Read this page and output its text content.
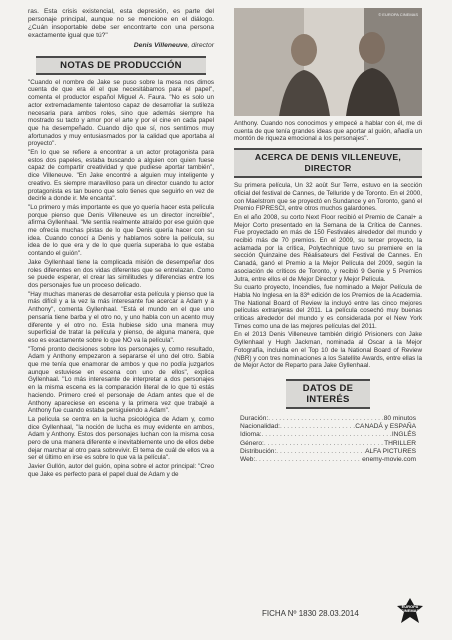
ras. Esta crisis existencial, esta depresión, es parte del personaje principal, aunque no se mencione en el diálogo. ¿Cuán insoportable debe ser encontrarte con una persona exactamente igual que tú?"

Denis Villeneuve, director
NOTAS DE PRODUCCIÓN

"Cuando el nombre de Jake se puso sobre la mesa nos dimos cuenta de que era él el que necesitábamos para el papel", comenta el productor español Miguel A. Faura. "No es solo un actor extremadamente talentoso capaz de desarrollar la sutileza necesaria para ambos roles, sino que además siempre ha mostrado su tacto y amor por el arte y por el cine en cada papel que ha desempeñado. Cuando dijo que sí, nos sentimos muy afortunados y muy entusiasmados por la calidad que aportaba al proyecto".

"En lo que se refiere a encontrar a un actor protagonista para estos dos papeles, estaba buscando a alguien con quien fuese capaz de compartir creatividad y que pudiese aportar también", dice Villeneuve. "En Jake encontré a alguien muy inteligente y creativo. Es siempre maravilloso para un director cuando tu actor protagonista es tan bueno que solo tienes que seguirlo en vez de decirle a donde ir. Me encanta".

"Lo primero y más importante es que yo quería hacer esta película porque pienso que Denis Villeneuve es un director increíble", afirma Gyllenhaal. "Me sentía realmente atraído por ese guión que me ofrecía muchas pistas de lo que Denis quería hacer con su idea. Cuando conocí a Denis y hablamos sobre la película, su idea de lo que era y de lo que quería superaba lo que estaba contando el guión".

Jake Gyllenhaal tiene la complicada misión de desempeñar dos roles diferentes en dos vidas diferentes que se entrelazan. Como se puede esperar, el crear las similitudes y diferencias entre los dos personajes fue un proceso delicado.

"Hay muchas maneras de desarrollar esta película y pienso que la más difícil y a la vez la más interesante fue acercar a Adam y a Anthony", comenta Gyllenhaal. "Está el mundo en el que uno pensaría tiene barba y el otro no, y uno habla con un acento muy diferente y el otro no. Esta hubiese sido una manera muy superficial de tratar la película y pienso, de alguna manera, que eso es exactamente sobre lo que NO va la película".

"Tomé pronto decisiones sobre los personajes y, como resultado, Adam y Anthony empezaron a separarse el uno del otro. Sabía que me tenía que enamorar de ambos y que no podía juzgarlos aunque estuviese en escena con uno de ellos", explica Gyllenhaal. "Lo más interesante de interpretar a dos personajes en la misma escena es la comparación literal de lo que tú estás haciendo. Primero creé el personaje de Adam antes que el de Anthony apareciese en escena y la primera vez que trabajé a Anthony fue cuando estaba persiguiendo a Adam".

La película se centra en la lucha psicológica de Adam y, como dice Gyllenhaal, "la noción de lucha es muy evidente en ambos, Adam y Anthony. Estos dos personajes luchan con la misma cosa pero de una manera diferente e inevitablemente uno de ellos debe dejar marchar al otro para sobrevivir. El tema de cuál de ellos va a ser el último en irse es sobre lo que va la película".

Javier Gullón, autor del guión, opina sobre el actor principal: "Creo que Jake es perfecto para el papel dual de Adam y de

© EUROPA CINEMAS

Anthony. Cuando nos conocimos y empecé a hablar con él, me di cuenta de que tenía grandes ideas que aportar al guión, añadía un montón de riqueza emocional a los personajes".

ACERCA DE DENIS VILLENEUVE, DIRECTOR

Su primera película, Un 32 août Sur Terre, estuvo en la sección oficial del festival de Cannes, de Telluride y de Toronto. En el 2000, con Maelstrom que se proyectó en Sundance y en Toronto, ganó el Premio FIPRESCI, entre otros muchos galardones.

En el año 2008, su corto Next Floor recibió el Premio de Canal+ a Mejor Corto presentado en la Semana de la Crítica de Cannes. Fue proyectado en más de 150 Festivales alrededor del mundo y recibió más de 70 premios. En el 2009, su tercer proyecto, la aclamada por la crítica, Polytechnique tuvo su premiere en la sección Quinzaine des Réalisateurs del Festival de Cannes. En Canadá, ganó el Premio a la Mejor Película del 2009, según la asociación de críticos de Toronto, y recibió 9 Genie y 5 Premios Jutra, entre ellos el de Mejor Director y Mejor Película.

Su cuarto proyecto, Incendies, fue nominado a Mejor Película de Habla No Inglesa en la 83ª edición de los Premios de la Academia. The National Board of Review la incluyó entre las cinco mejores películas extranjeras del 2011. La película cosechó muy buenas críticas alrededor del mundo y es considerada por el New York Times como una de las mejores películas del 2011.

En el 2013 Denis Villeneuve también dirigió Prisioners con Jake Gyllenhaal y Hugh Jackman, nominada al Oscar a la Mejor Fotografía, incluida en el Top 10 de la National Board of Review (NBR) y con tres nominaciones a los Satellite Awards, entre ellas la de Mejor Actor de Reparto para Jake Gyllenhaal.

DATOS DE INTERÉS
Duración: . . .	80 minutos
Nacionalidad: . . .	CANADÁ y ESPAÑA
Idioma: . . .	INGLÉS
Género: . . .	THRILLER
Distribución: . . .	ALFA PICTURES
Web: . . .	enemy-movie.com
FICHA Nº 1830 28.03.2014
EUROPA
CINEMAS
